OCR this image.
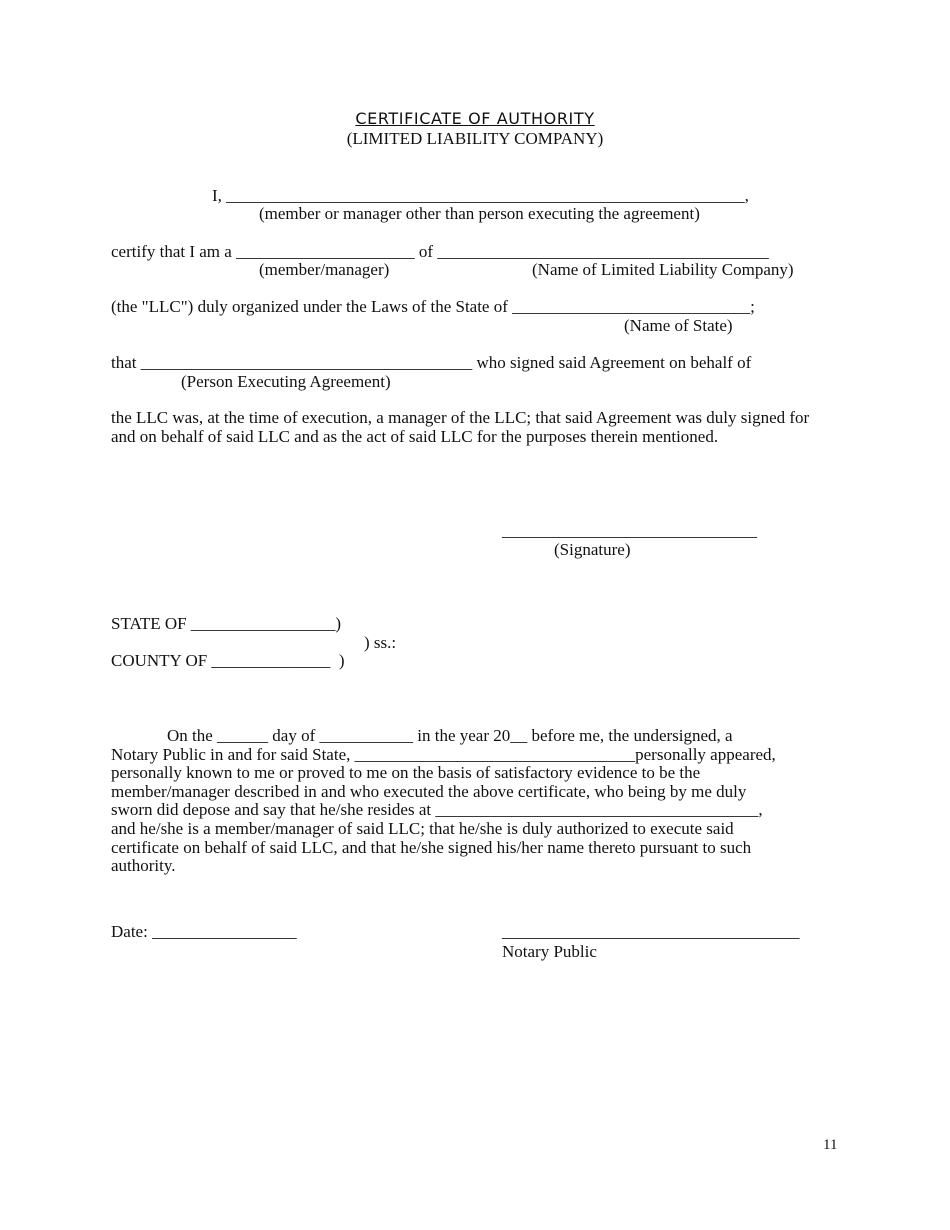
CERTIFICATE OF AUTHORITY
(LIMITED LIABILITY COMPANY)
I, _____________________________________________________________,
(member or manager other than person executing the agreement)
certify that I am a _____________________ of _______________________________________
(member/manager)	(Name of Limited Liability Company)
(the "LLC") duly organized under the Laws of the State of ____________________________;
(Name of State)
that _______________________________________ who signed said Agreement on behalf of
(Person Executing Agreement)
the LLC was, at the time of execution, a manager of the LLC; that said Agreement was duly signed for and on behalf of said LLC and as the act of said LLC for the purposes therein mentioned.
______________________________
(Signature)
STATE OF _________________)
) ss.:
COUNTY OF ______________  )
On the ______ day of ___________ in the year 20__ before me, the undersigned, a
Notary Public in and for said State, _________________________________personally appeared,
personally known to me or proved to me on the basis of satisfactory evidence to be the
member/manager described in and who executed the above certificate, who being by me duly
sworn did depose and say that he/she resides at ______________________________________,
and he/she is a member/manager of said LLC; that he/she is duly authorized to execute said
certificate on behalf of said LLC, and that he/she signed his/her name thereto pursuant to such
authority.
Date: _________________	___________________________________
Notary Public
11
